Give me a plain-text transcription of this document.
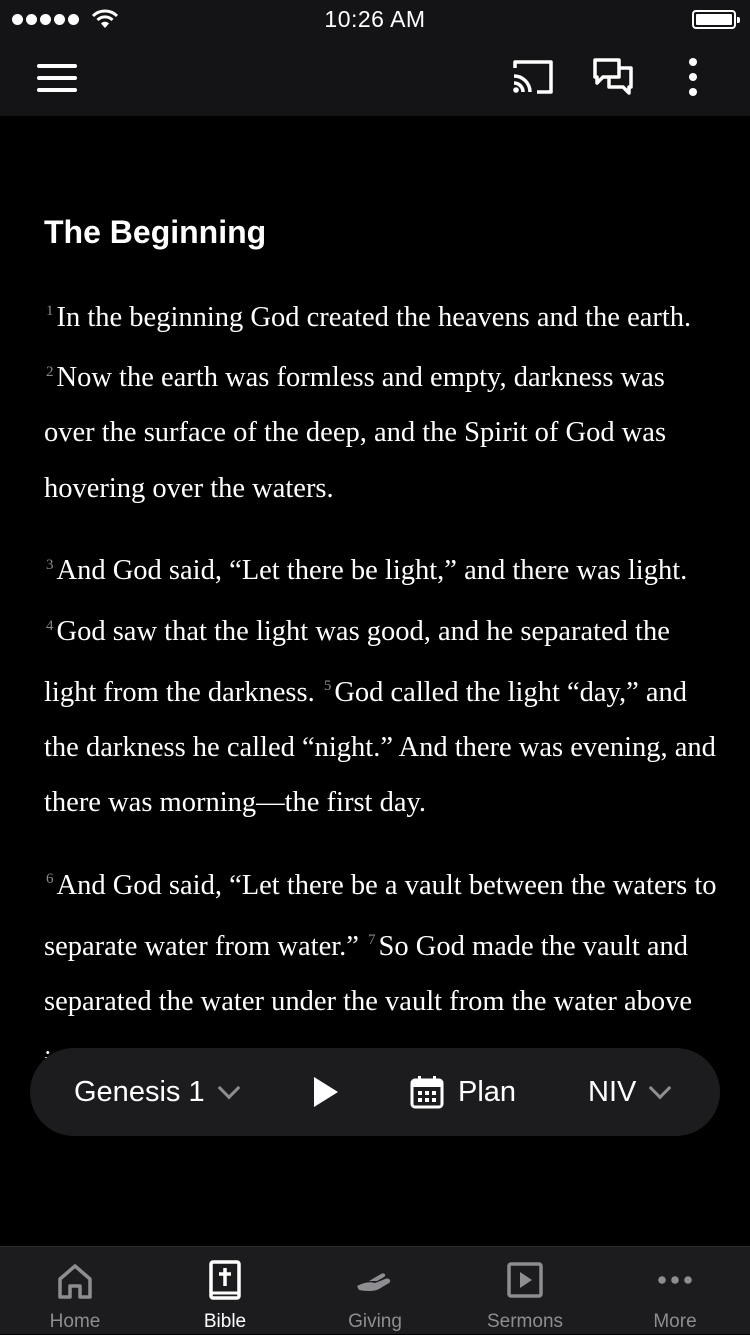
10:26 AM
The Beginning

$^1$ In the beginning God created the heavens and the earth. $^2$ Now the earth was formless and empty, darkness was over the surface of the deep, and the Spirit of God was hovering over the waters.

$^3$ And God said, “Let there be light,” and there was light. $^4$ God saw that the light was good, and he separated the light from the darkness. $^5$ God called the light “day,” and the darkness he called “night.” And there was evening, and there was morning—the first day.

$^6$ And God said, “Let there be a vault between the waters to separate water from water.” $^7$ So God made the vault and separated the water under the vault from the water above

Genesis 1	Plan NIV
Home	Bible	Giving	Sermons	More
